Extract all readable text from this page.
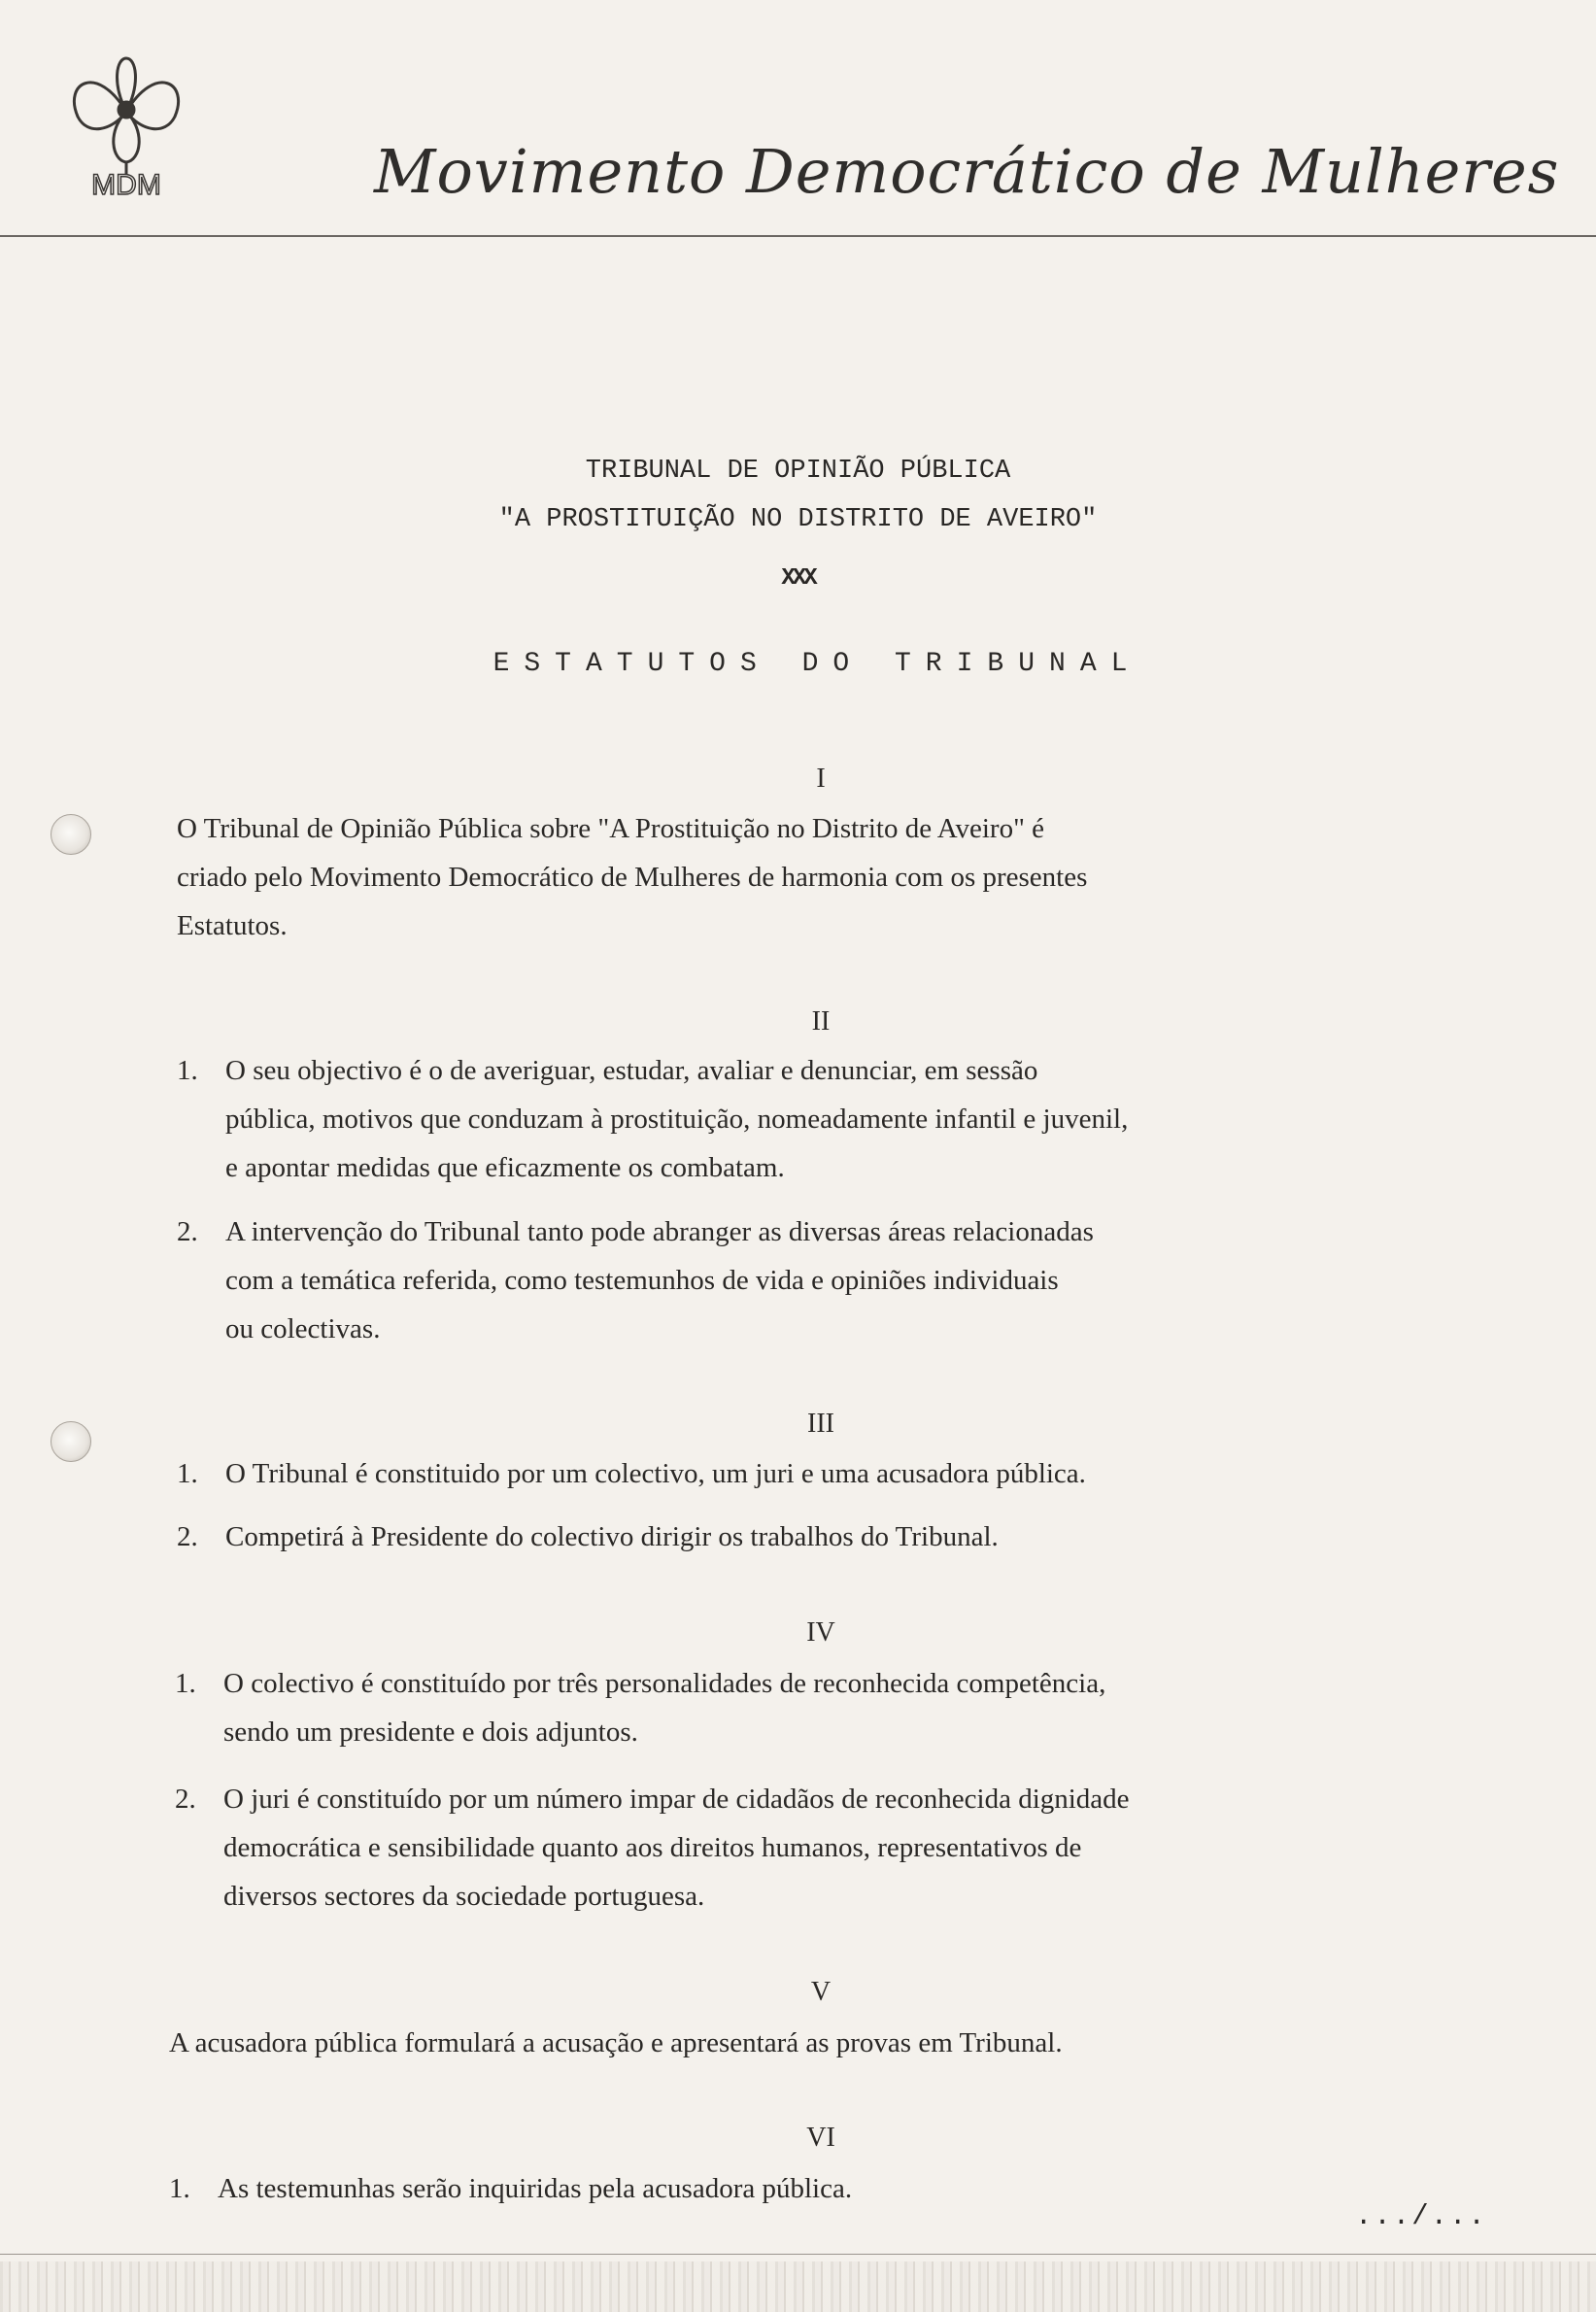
MDM	Movimento Democrático de Mulheres
TRIBUNAL DE OPINIÃO PÚBLICA
"A PROSTITUIÇÃO NO DISTRITO DE AVEIRO"
XXX
ESTATUTOS DO TRIBUNAL
I
O Tribunal de Opinião Pública sobre "A Prostituição no Distrito de Aveiro" é
criado pelo Movimento Democrático de Mulheres de harmonia com os presentes
Estatutos.
II
1. O seu objectivo é o de averiguar, estudar, avaliar e denunciar, em sessão
pública, motivos que conduzam à prostituição, nomeadamente infantil e juvenil,
e apontar medidas que eficazmente os combatam.
2. A intervenção do Tribunal tanto pode abranger as diversas áreas relacionadas
com a temática referida, como testemunhos de vida e opiniões individuais
ou colectivas.
III
1. O Tribunal é constituido por um colectivo, um juri e uma acusadora pública.
2. Competirá à Presidente do colectivo dirigir os trabalhos do Tribunal.
IV
1. O colectivo é constituído por três personalidades de reconhecida competência,
sendo um presidente e dois adjuntos.
2. O juri é constituído por um número impar de cidadãos de reconhecida dignidade
democrática e sensibilidade quanto aos direitos humanos, representativos de
diversos sectores da sociedade portuguesa.
V
A acusadora pública formulará a acusação e apresentará as provas em Tribunal.
VI
1. As testemunhas serão inquiridas pela acusadora pública.
.../...
